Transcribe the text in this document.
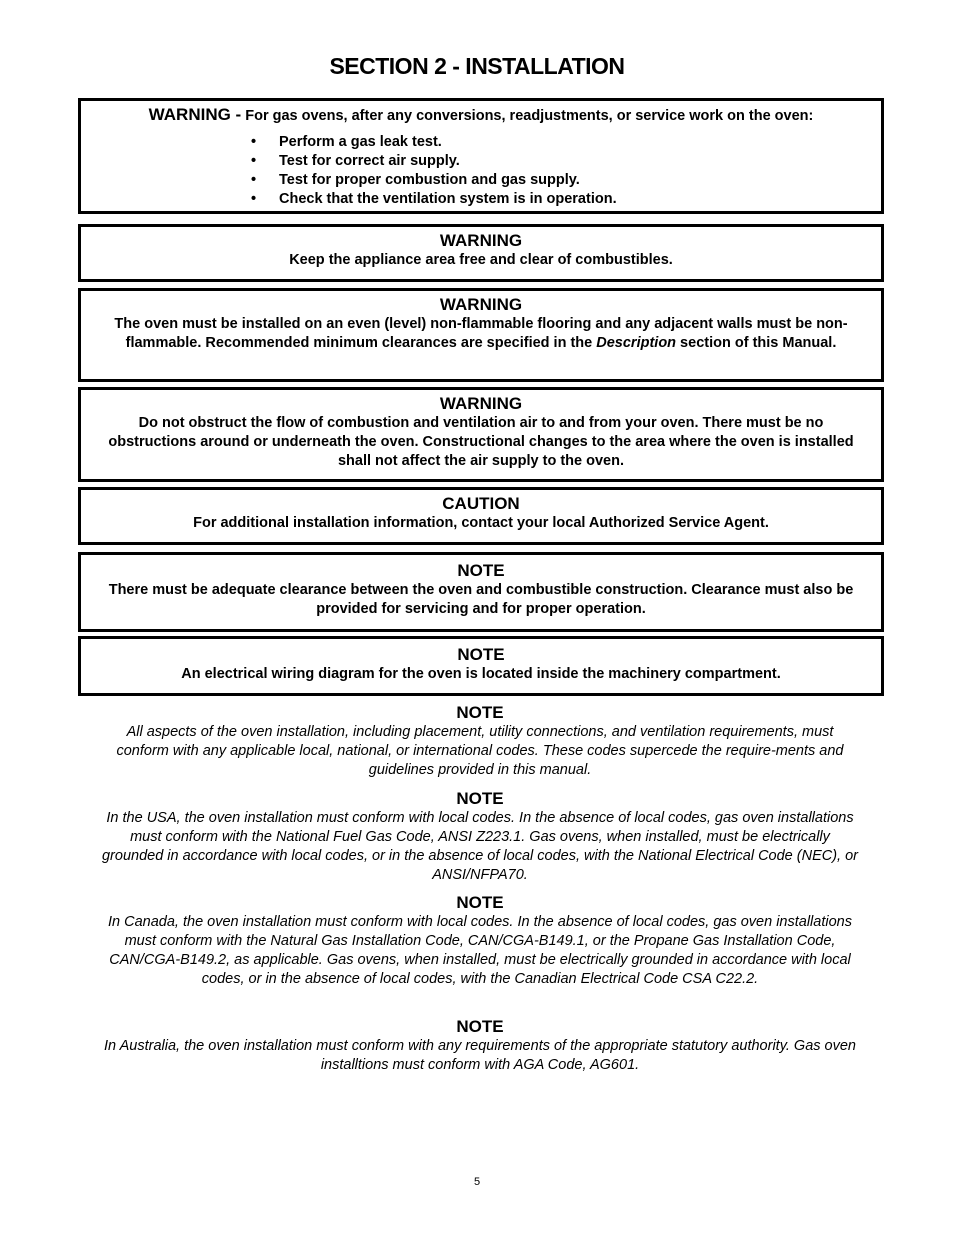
SECTION 2 - INSTALLATION
WARNING - For gas ovens, after any conversions, readjustments, or service work on the oven:
•	Perform a gas leak test.
•	Test for correct air supply.
•	Test for proper combustion and gas supply.
•	Check that the ventilation system is in operation.
WARNING
Keep the appliance area free and clear of combustibles.
WARNING
The oven must be installed on an even (level) non-flammable flooring and any adjacent walls must be non-flammable. Recommended minimum clearances are specified in the Description section of this Manual.
WARNING
Do not obstruct the flow of combustion and ventilation air to and from your oven. There must be no obstructions around or underneath the oven. Constructional changes to the area where the oven is installed shall not affect the air supply to the oven.
CAUTION
For additional installation information, contact your local Authorized Service Agent.
NOTE
There must be adequate clearance between the oven and combustible construction. Clearance must also be provided for servicing and for proper operation.
NOTE
An electrical wiring diagram for the oven is located inside the machinery compartment.
NOTE
All aspects of the oven installation, including placement, utility connections, and ventilation requirements, must conform with any applicable local, national, or international codes. These codes supercede the require-ments and guidelines provided in this manual.
NOTE
In the USA, the oven installation must conform with local codes. In the absence of local codes, gas oven installations must conform with the National Fuel Gas Code, ANSI Z223.1. Gas ovens, when installed, must be electrically grounded in accordance with local codes, or in the absence of local codes, with the National Electrical Code (NEC), or ANSI/NFPA70.
NOTE
In Canada, the oven installation must conform with local codes. In the absence of local codes, gas oven installations must conform with the Natural Gas Installation Code, CAN/CGA-B149.1, or the Propane Gas Installation Code, CAN/CGA-B149.2, as applicable. Gas ovens, when installed, must be electrically grounded in accordance with local codes, or in the absence of local codes, with the Canadian Electrical Code CSA C22.2.
NOTE
In Australia, the oven installation must conform with any requirements of the appropriate statutory authority. Gas oven installtions must conform with AGA Code, AG601.
5
